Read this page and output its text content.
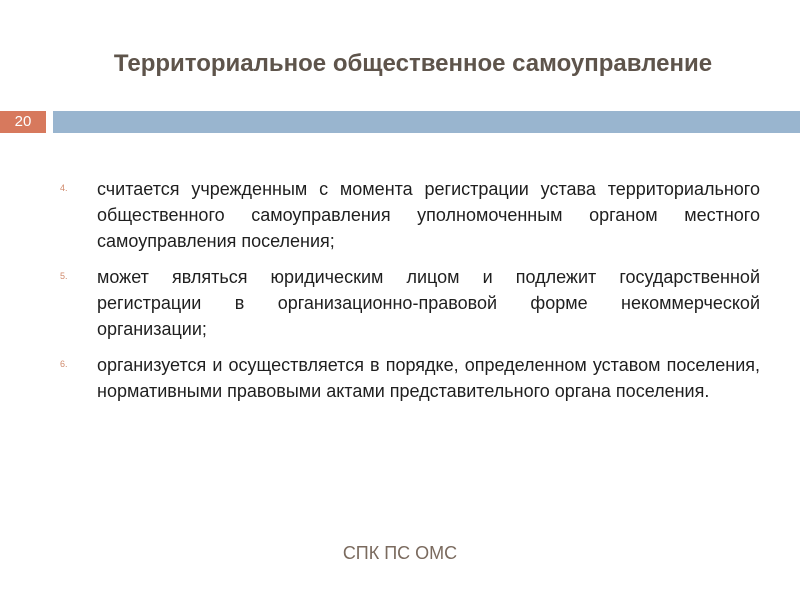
Территориальное общественное самоуправление
20
4. считается учрежденным с момента регистрации устава территориального общественного самоуправления уполномоченным органом местного самоуправления поселения;
5. может являться юридическим лицом и подлежит государственной регистрации в организационно-правовой форме некоммерческой организации;
6. организуется и осуществляется в порядке, определенном уставом поселения, нормативными правовыми актами представительного органа поселения.
СПК ПС ОМС
